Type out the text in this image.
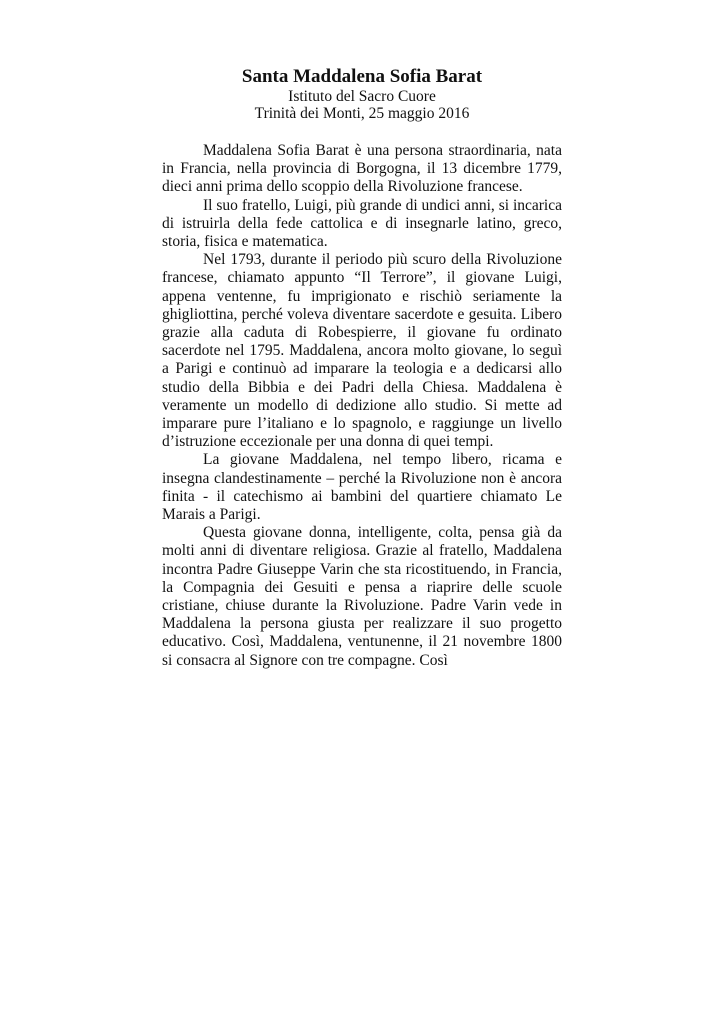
Santa Maddalena Sofia Barat

Istituto del Sacro Cuore

Trinità dei Monti, 25 maggio 2016

Maddalena Sofia Barat è una persona straordinaria, nata in Francia, nella provincia di Borgogna, il 13 dicembre 1779, dieci anni prima dello scoppio della Rivoluzione francese.

Il suo fratello, Luigi, più grande di undici anni, si incarica di istruirla della fede cattolica e di insegnarle latino, greco, storia, fisica e matematica.

Nel 1793, durante il periodo più scuro della Rivoluzione francese, chiamato appunto “Il Terrore”, il giovane Luigi, appena ventenne, fu imprigionato e rischiò seriamente la ghigliottina, perché voleva diventare sacerdote e gesuita. Libero grazie alla caduta di Robespierre, il giovane fu ordinato sacerdote nel 1795. Maddalena, ancora molto giovane, lo seguì a Parigi e continuò ad imparare la teologia e a dedicarsi allo studio della Bibbia e dei Padri della Chiesa. Maddalena è veramente un modello di dedizione allo studio. Si mette ad imparare pure l’italiano e lo spagnolo, e raggiunge un livello d’istruzione eccezionale per una donna di quei tempi.

La giovane Maddalena, nel tempo libero, ricama e insegna clandestinamente – perché la Rivoluzione non è ancora finita - il catechismo ai bambini del quartiere chiamato Le Marais a Parigi.

Questa giovane donna, intelligente, colta, pensa già da molti anni di diventare religiosa. Grazie al fratello, Maddalena incontra Padre Giuseppe Varin che sta ricostituendo, in Francia, la Compagnia dei Gesuiti e pensa a riaprire delle scuole cristiane, chiuse durante la Rivoluzione. Padre Varin vede in Maddalena la persona giusta per realizzare il suo progetto educativo. Così, Maddalena, ventunenne, il 21 novembre 1800 si consacra al Signore con tre compagne. Così
